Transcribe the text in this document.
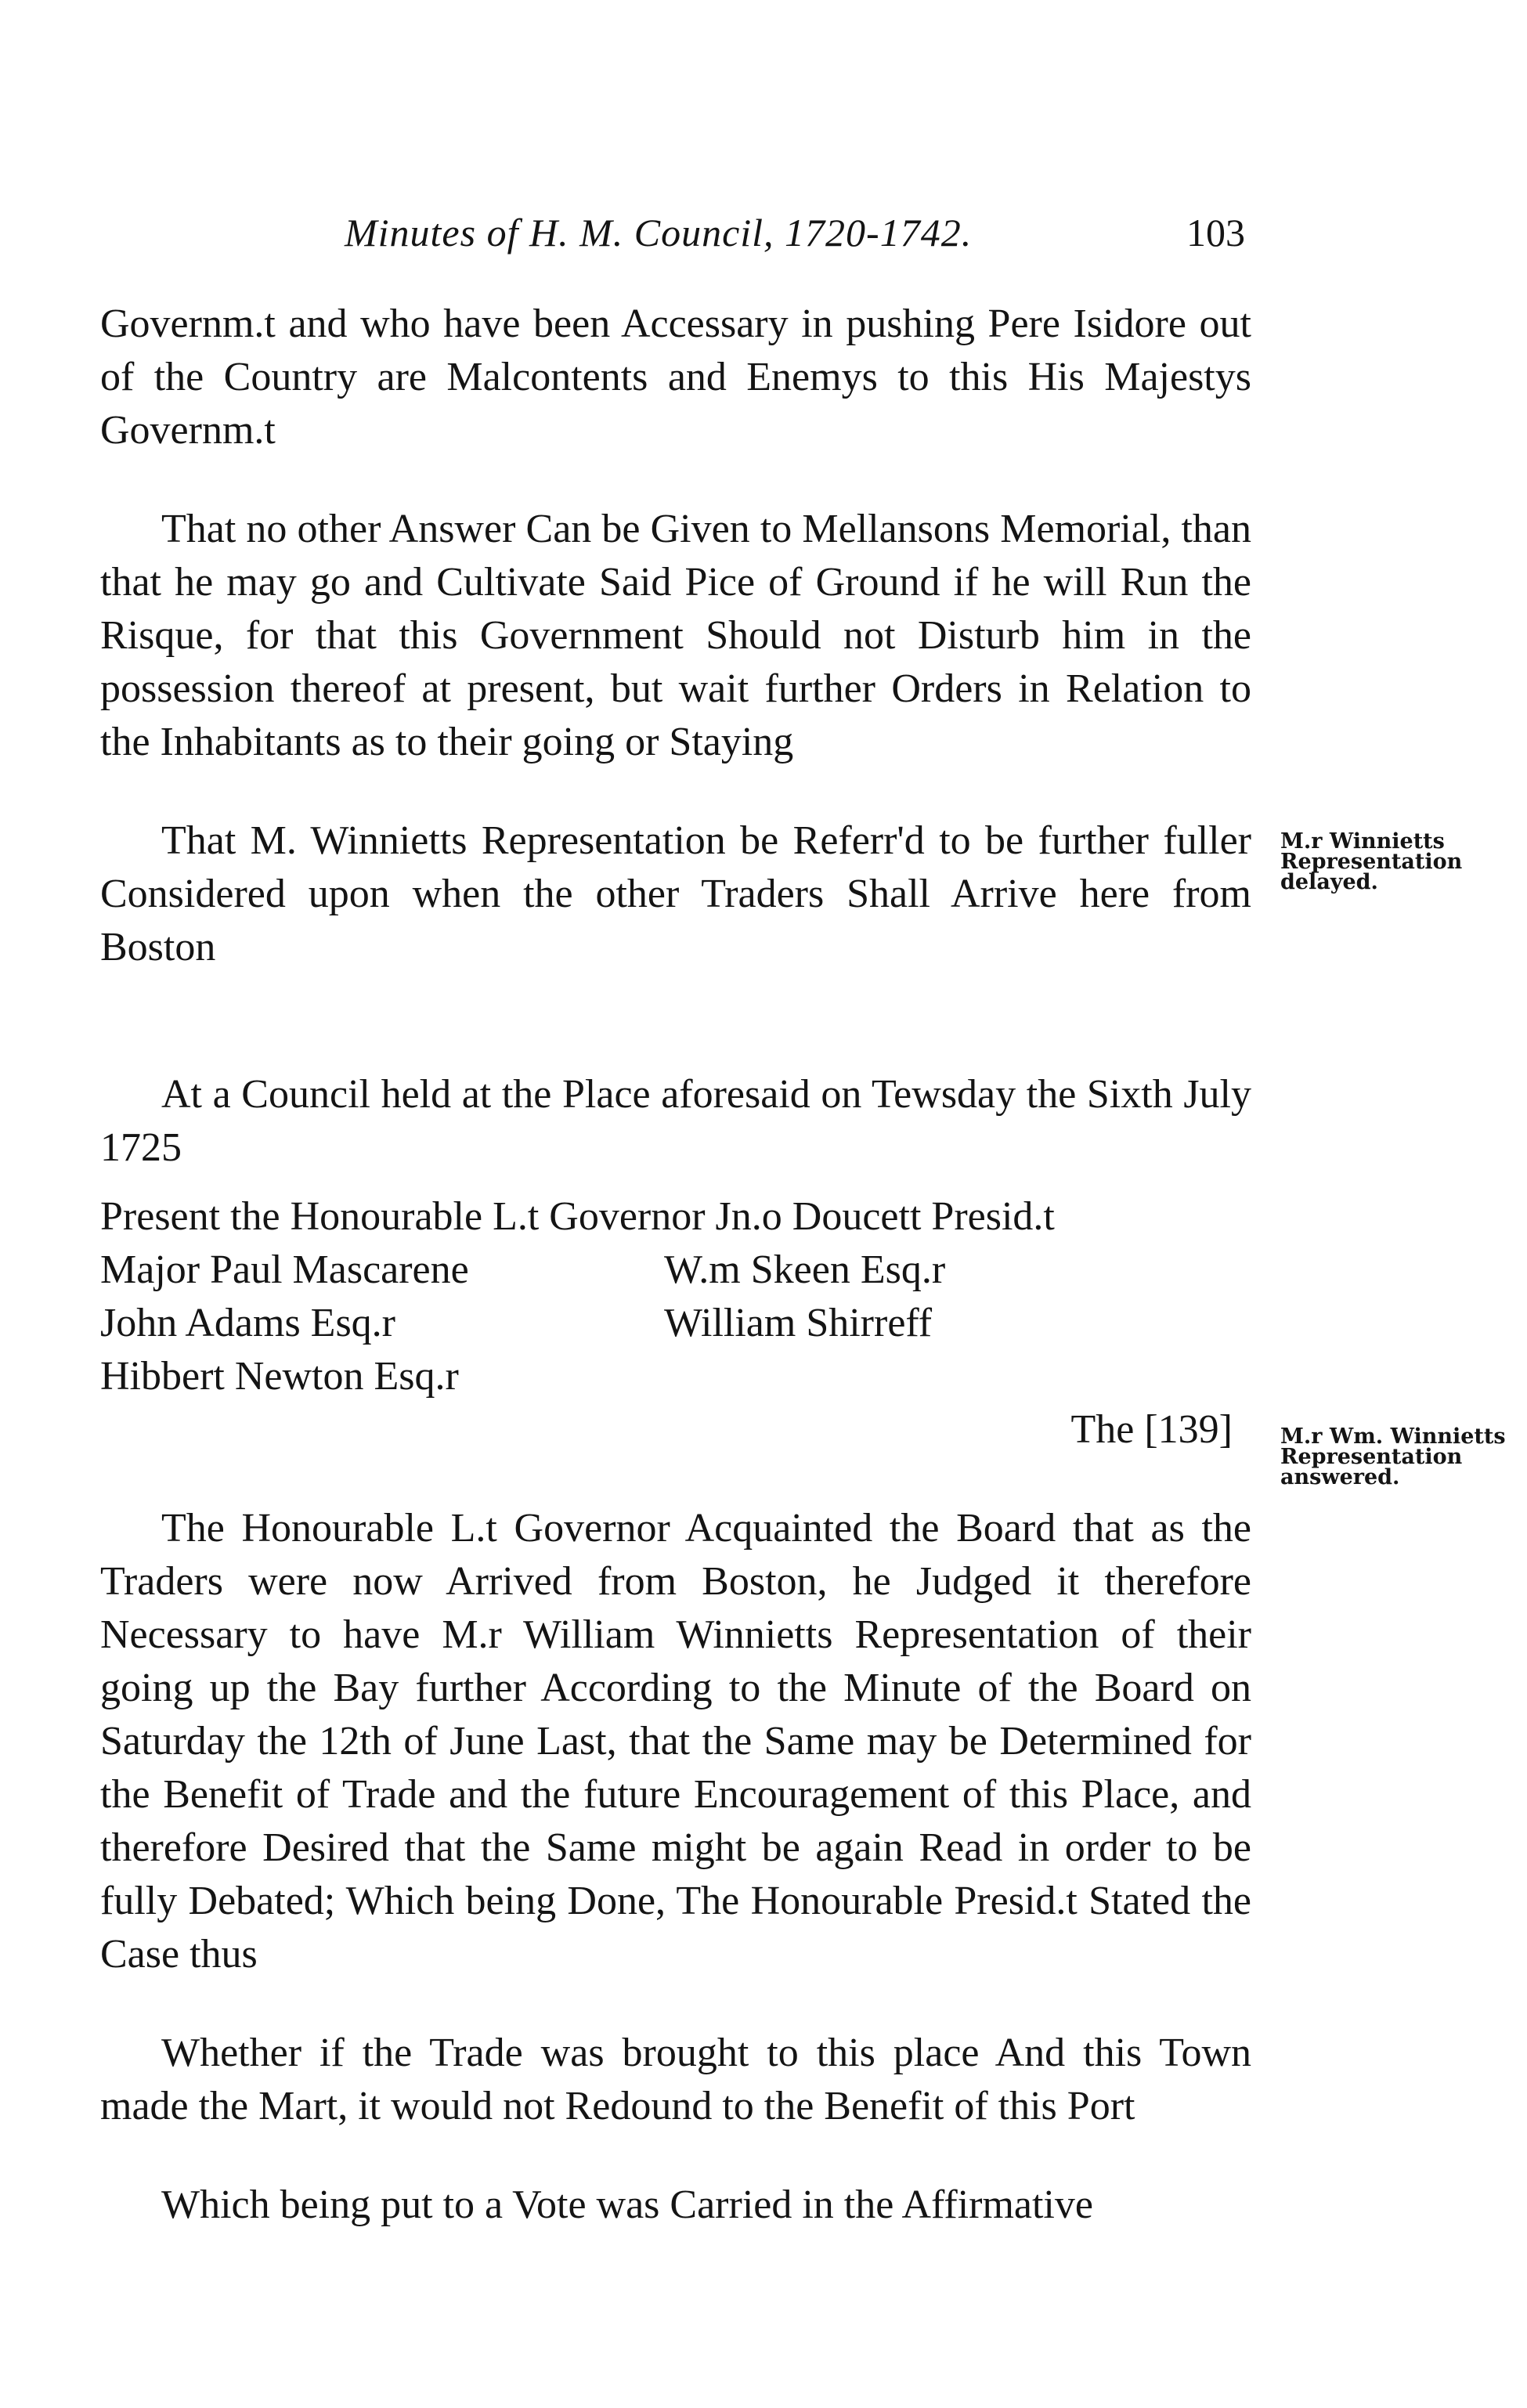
Minutes of H. M. Council, 1720-1742.	103

Governm.t and who have been Accessary in pushing Pere Isidore out of the Country are Malcontents and Enemys to this His Majestys Governm.t

That no other Answer Can be Given to Mellansons Memorial, than that he may go and Cultivate Said Pice of Ground if he will Run the Risque, for that this Government Should not Disturb him in the possession thereof at present, but wait further Orders in Relation to the Inhabitants as to their going or Staying

That M. Winnietts Representation be Referr'd to be further fuller Considered upon when the other Traders Shall Arrive here from Boston

At a Council held at the Place aforesaid on Tewsday the Sixth July 1725

Present the Honourable L.t Governor Jn.o Doucett Presid.t
Major Paul Mascarene	W.m Skeen Esq.r
John Adams Esq.r	William Shirreff
Hibbert Newton Esq.r
The [139]

The Honourable L.t Governor Acquainted the Board that as the Traders were now Arrived from Boston, he Judged it therefore Necessary to have M.r William Winnietts Representation of their going up the Bay further According to the Minute of the Board on Saturday the 12th of June Last, that the Same may be Determined for the Benefit of Trade and the future Encouragement of this Place, and therefore Desired that the Same might be again Read in order to be fully Debated; Which being Done, The Honourable Presid.t Stated the Case thus

Whether if the Trade was brought to this place And this Town made the Mart, it would not Redound to the Benefit of this Port

Which being put to a Vote was Carried in the Affirmative

M.r Winnietts Representation delayed.
M.r Wm. Winnietts Representation answered.
